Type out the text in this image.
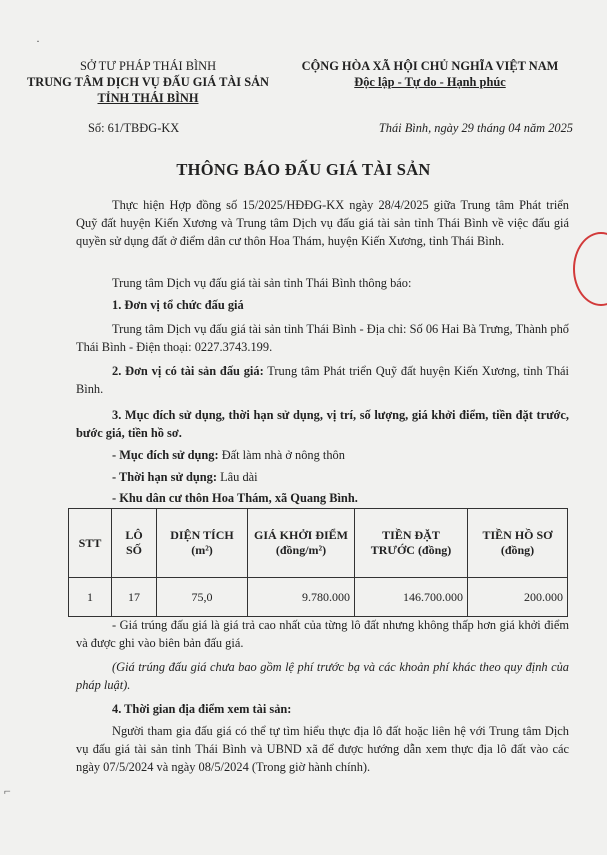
SỞ TƯ PHÁP THÁI BÌNH
TRUNG TÂM DỊCH VỤ ĐẤU GIÁ TÀI SẢN
TỈNH THÁI BÌNH
CỘNG HÒA XÃ HỘI CHỦ NGHĨA VIỆT NAM
Độc lập - Tự do - Hạnh phúc
Số: 61/TBĐG-KX	Thái Bình, ngày 29 tháng 04 năm 2025
THÔNG BÁO ĐẤU GIÁ TÀI SẢN
Thực hiện Hợp đồng số 15/2025/HĐĐG-KX ngày 28/4/2025 giữa Trung tâm Phát triển Quỹ đất huyện Kiến Xương và Trung tâm Dịch vụ đấu giá tài sản tỉnh Thái Bình về việc đấu giá quyền sử dụng đất ở điểm dân cư thôn Hoa Thám, huyện Kiến Xương, tỉnh Thái Bình.
Trung tâm Dịch vụ đấu giá tài sản tỉnh Thái Bình thông báo:
1. Đơn vị tổ chức đấu giá
Trung tâm Dịch vụ đấu giá tài sản tỉnh Thái Bình - Địa chỉ: Số 06 Hai Bà Trưng, Thành phố Thái Bình - Điện thoại: 0227.3743.199.
2. Đơn vị có tài sản đấu giá: Trung tâm Phát triển Quỹ đất huyện Kiến Xương, tỉnh Thái Bình.
3. Mục đích sử dụng, thời hạn sử dụng, vị trí, số lượng, giá khởi điểm, tiền đặt trước, bước giá, tiền hồ sơ.
- Mục đích sử dụng: Đất làm nhà ở nông thôn
- Thời hạn sử dụng: Lâu dài
- Khu dân cư thôn Hoa Thám, xã Quang Bình.
STT	LÔ SỐ	DIỆN TÍCH (m²)	GIÁ KHỞI ĐIỂM (đồng/m²)	TIỀN ĐẶT TRƯỚC (đồng)	TIỀN HỒ SƠ (đồng)
1	17	75,0	9.780.000	146.700.000	200.000
- Giá trúng đấu giá là giá trả cao nhất của từng lô đất nhưng không thấp hơn giá khởi điểm và được ghi vào biên bản đấu giá.
(Giá trúng đấu giá chưa bao gồm lệ phí trước bạ và các khoản phí khác theo quy định của pháp luật).
4. Thời gian địa điểm xem tài sản:
Người tham gia đấu giá có thể tự tìm hiểu thực địa lô đất hoặc liên hệ với Trung tâm Dịch vụ đấu giá tài sản tỉnh Thái Bình và UBND xã để được hướng dẫn xem thực địa lô đất vào các ngày 07/5/2024 và ngày 08/5/2024 (Trong giờ hành chính).
·
⌐
